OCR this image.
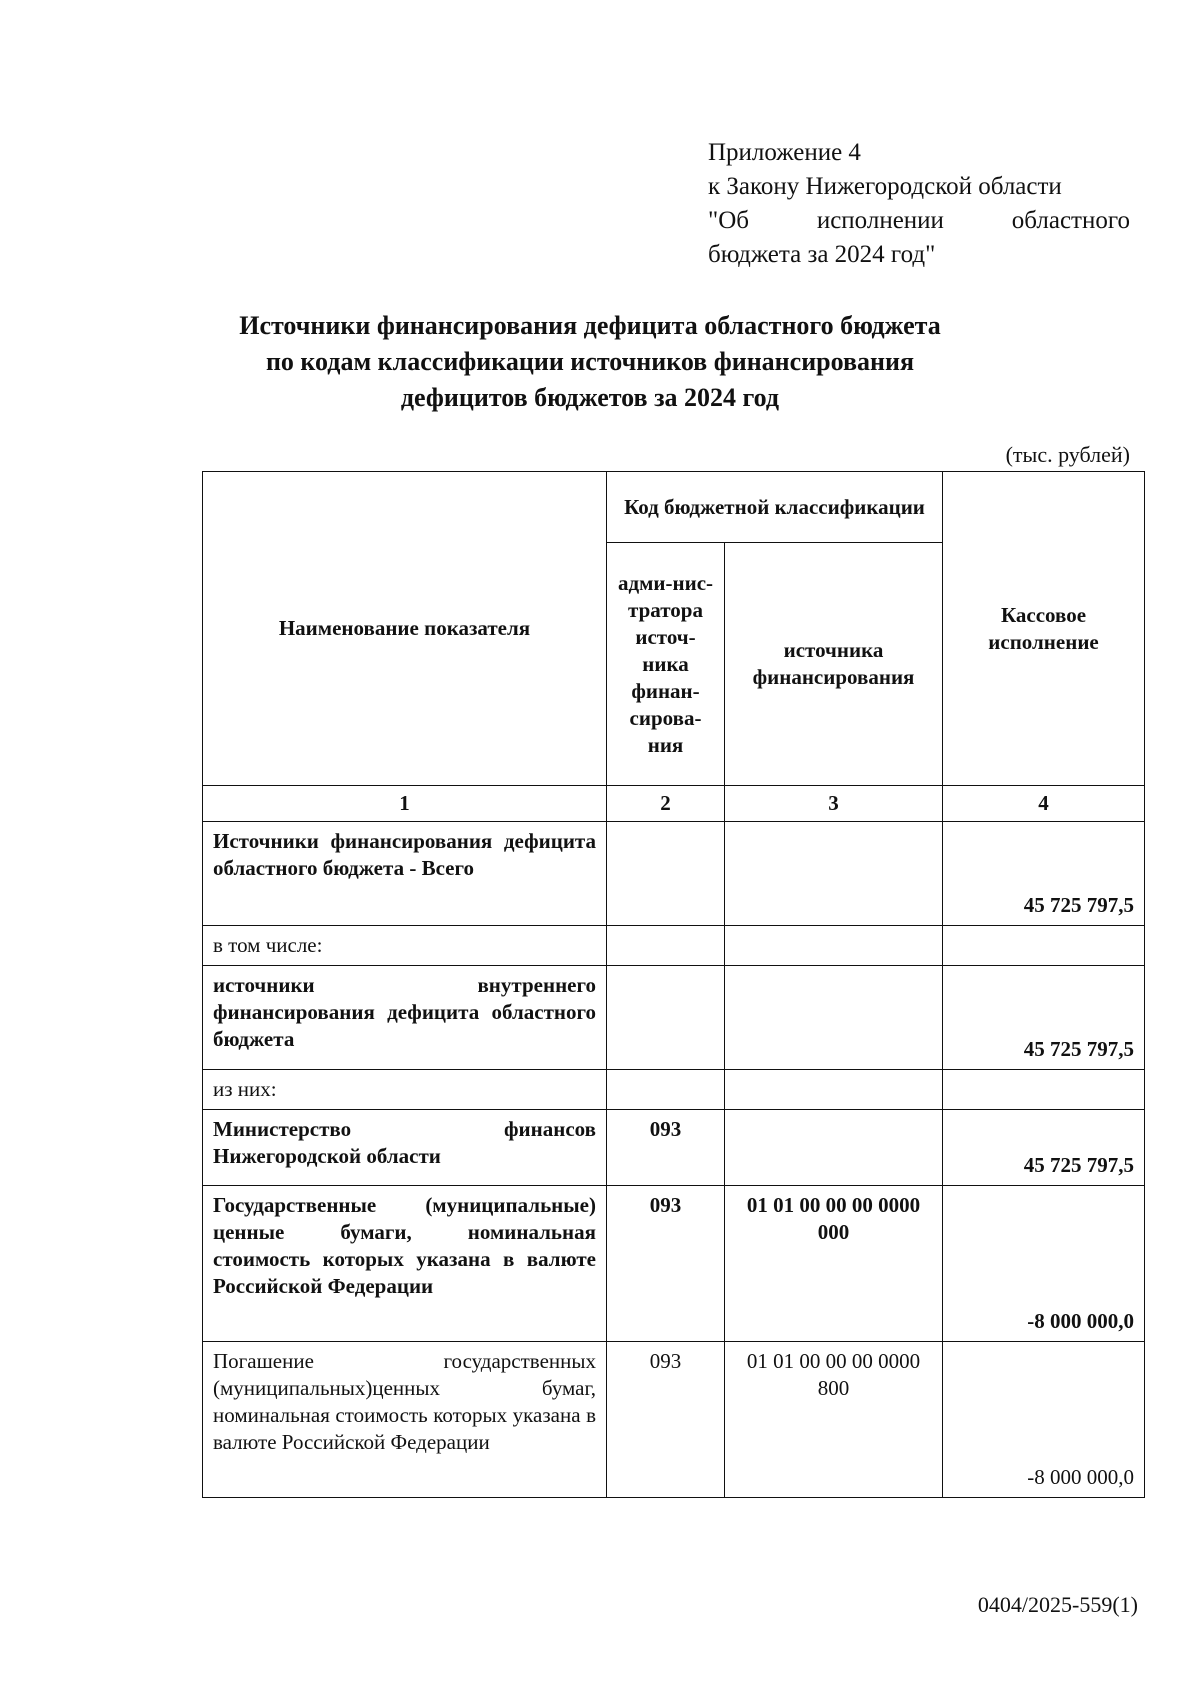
Приложение 4
к Закону Нижегородской области
"Об	исполнении	областного
бюджета за 2024 год"
Источники финансирования дефицита областного бюджета
по кодам классификации источников финансирования
дефицитов бюджетов за 2024 год
(тыс. рублей)
Наименование показателя	Код бюджетной классификации		Кассовое исполнение
	адми-нис-тратора источ-ника финан-сирова-ния	источника финансирования	
1	2	3	4
Источники финансирования дефицита областного бюджета - Всего			45 725 797,5
в том числе:			
источники внутреннего финансирования дефицита областного бюджета			45 725 797,5
из них:			
Министерство финансов Нижегородской области	093		45 725 797,5
Государственные (муниципальные) ценные бумаги, номинальная стоимость которых указана в валюте Российской Федерации	093	01 01 00 00 00 0000 000	-8 000 000,0
Погашение государственных (муниципальных)ценных бумаг, номинальная стоимость которых указана в валюте Российской Федерации	093	01 01 00 00 00 0000 800	-8 000 000,0
0404/2025-559(1)
